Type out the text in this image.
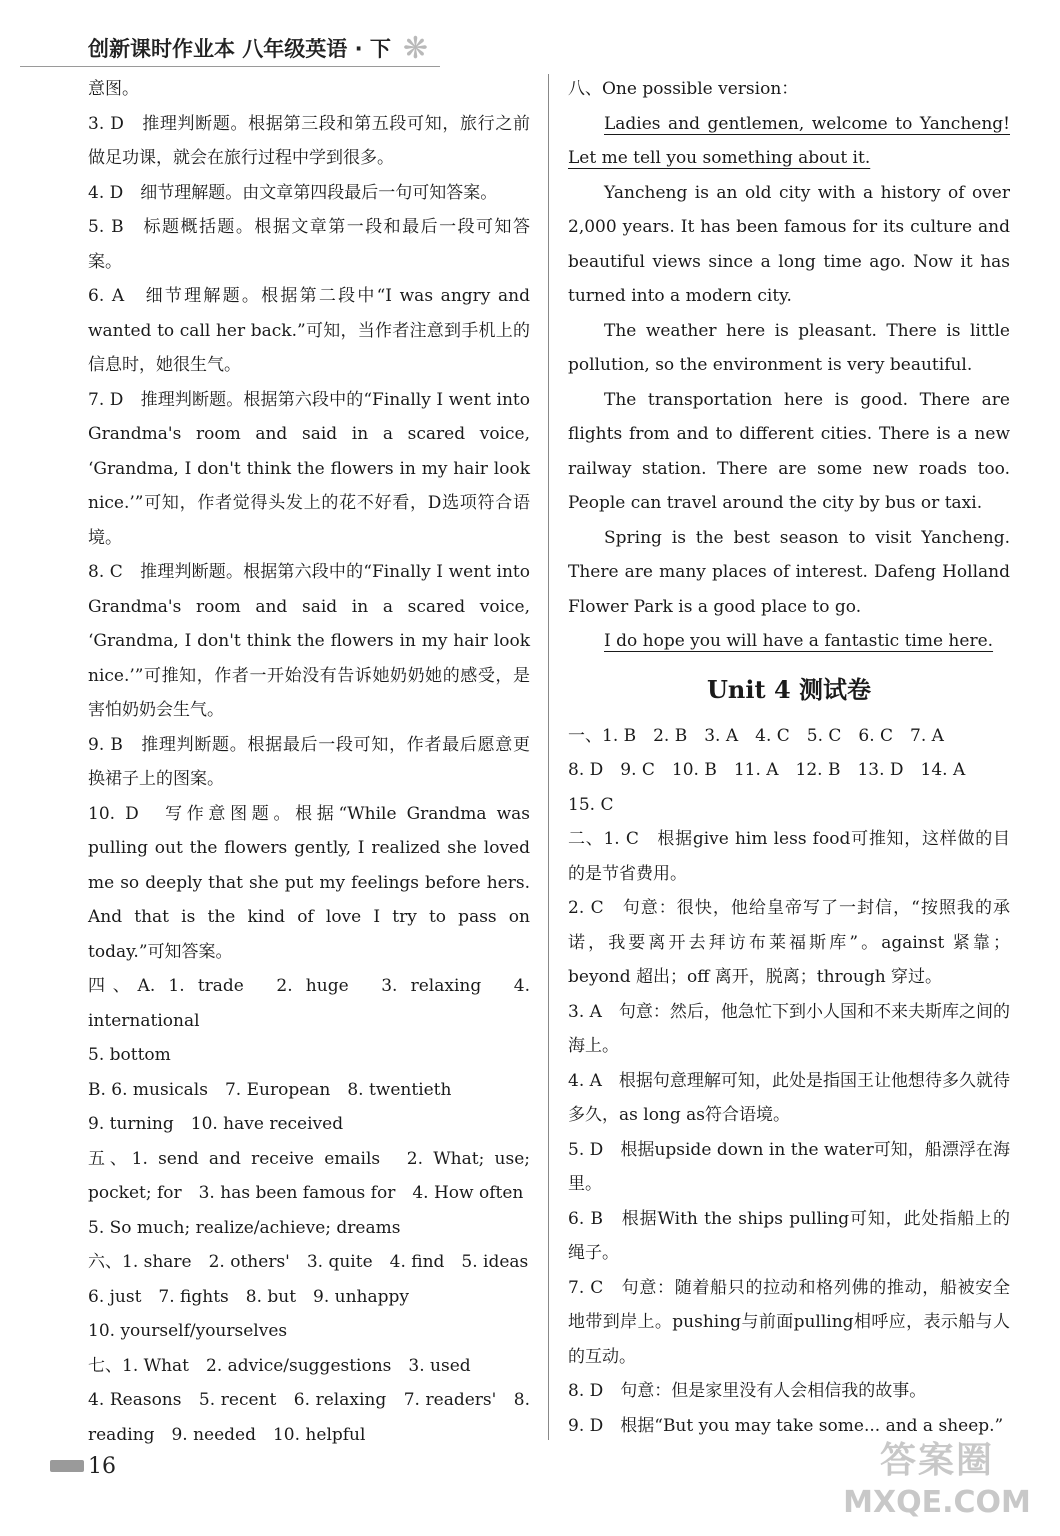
创新课时作业本 八年级英语 · 下 ❋

意图。

3. D　推理判断题。根据第三段和第五段可知，旅行之前做足功课，就会在旅行过程中学到很多。

4. D　细节理解题。由文章第四段最后一句可知答案。

5. B　标题概括题。根据文章第一段和最后一段可知答案。

6. A　细节理解题。根据第二段中“I was angry and wanted to call her back.”可知，当作者注意到手机上的信息时，她很生气。

7. D　推理判断题。根据第六段中的“Finally I went into Grandma's room and said in a scared voice, ‘Grandma, I don't think the flowers in my hair look nice.’”可知，作者觉得头发上的花不好看，D选项符合语境。

8. C　推理判断题。根据第六段中的“Finally I went into Grandma's room and said in a scared voice, ‘Grandma, I don't think the flowers in my hair look nice.’”可推知，作者一开始没有告诉她奶奶她的感受，是害怕奶奶会生气。

9. B　推理判断题。根据最后一段可知，作者最后愿意更换裙子上的图案。

10. D　写作意图题。根据“While Grandma was pulling out the flowers gently, I realized she loved me so deeply that she put my feelings before hers. And that is the kind of love I try to pass on today.”可知答案。

四、A. 1. trade　2. huge　3. relaxing　4. international

5. bottom

B. 6. musicals　7. European　8. twentieth

9. turning　10. have received

五、1. send and receive emails　2. What; use; pocket; for　3. has been famous for　4. How often

5. So much; realize/achieve; dreams

六、1. share　2. others'　3. quite　4. find　5. ideas

6. just　7. fights　8. but　9. unhappy

10. yourself/yourselves

七、1. What　2. advice/suggestions　3. used

4. Reasons　5. recent　6. relaxing　7. readers'　8. reading　9. needed　10. helpful

八、One possible version：

Ladies and gentlemen, welcome to Yancheng! Let me tell you something about it.

Yancheng is an old city with a history of over 2,000 years. It has been famous for its culture and beautiful views since a long time ago. Now it has turned into a modern city.

The weather here is pleasant. There is little pollution, so the environment is very beautiful.

The transportation here is good. There are flights from and to different cities. There is a new railway station. There are some new roads too. People can travel around the city by bus or taxi.

Spring is the best season to visit Yancheng. There are many places of interest. Dafeng Holland Flower Park is a good place to go.

I do hope you will have a fantastic time here.

Unit 4 测试卷

一、1. B　2. B　3. A　4. C　5. C　6. C　7. A

8. D　9. C　10. B　11. A　12. B　13. D　14. A

15. C

二、1. C　根据give him less food可推知，这样做的目的是节省费用。

2. C　句意：很快，他给皇帝写了一封信，“按照我的承诺，我要离开去拜访布莱福斯库”。against 紧靠；beyond 超出；off 离开，脱离；through 穿过。

3. A　句意：然后，他急忙下到小人国和不来夫斯库之间的海上。

4. A　根据句意理解可知，此处是指国王让他想待多久就待多久，as long as符合语境。

5. D　根据upside down in the water可知，船漂浮在海里。

6. B　根据With the ships pulling可知，此处指船上的绳子。

7. C　句意：随着船只的拉动和格列佛的推动，船被安全地带到岸上。pushing与前面pulling相呼应，表示船与人的互动。

8. D　句意：但是家里没有人会相信我的故事。

9. D　根据“But you may take some... and a sheep.”

16	答案圈
MXQE.COM
